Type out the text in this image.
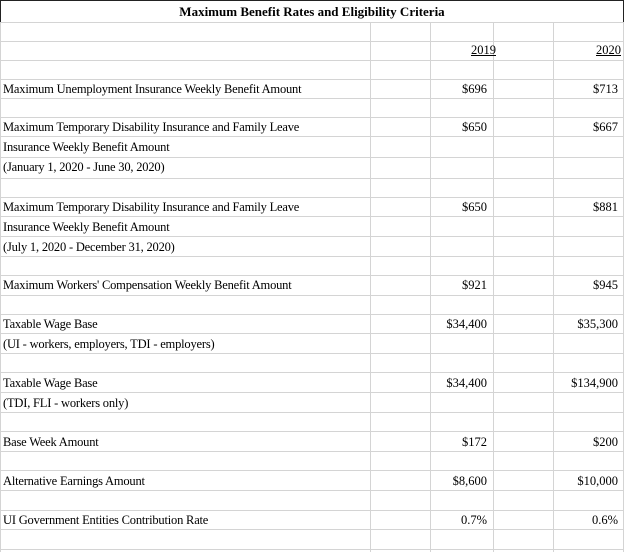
Maximum Benefit Rates and Eligibility Criteria
2019	2020
Maximum Unemployment Insurance Weekly Benefit Amount	$696	$713
Maximum Temporary Disability Insurance and Family Leave
Insurance Weekly Benefit Amount
(January 1, 2020 - June 30, 2020)
$650	$667
Maximum Temporary Disability Insurance and Family Leave
Insurance Weekly Benefit Amount
(July 1, 2020 - December 31, 2020)
$650	$881
Maximum Workers' Compensation Weekly Benefit Amount	$921	$945
Taxable Wage Base
(UI - workers, employers, TDI - employers)
$34,400	$35,300
Taxable Wage Base
(TDI, FLI - workers only)
$34,400	$134,900
Base Week Amount	$172	$200
Alternative Earnings Amount	$8,600	$10,000
UI Government Entities Contribution Rate	0.7%	0.6%
